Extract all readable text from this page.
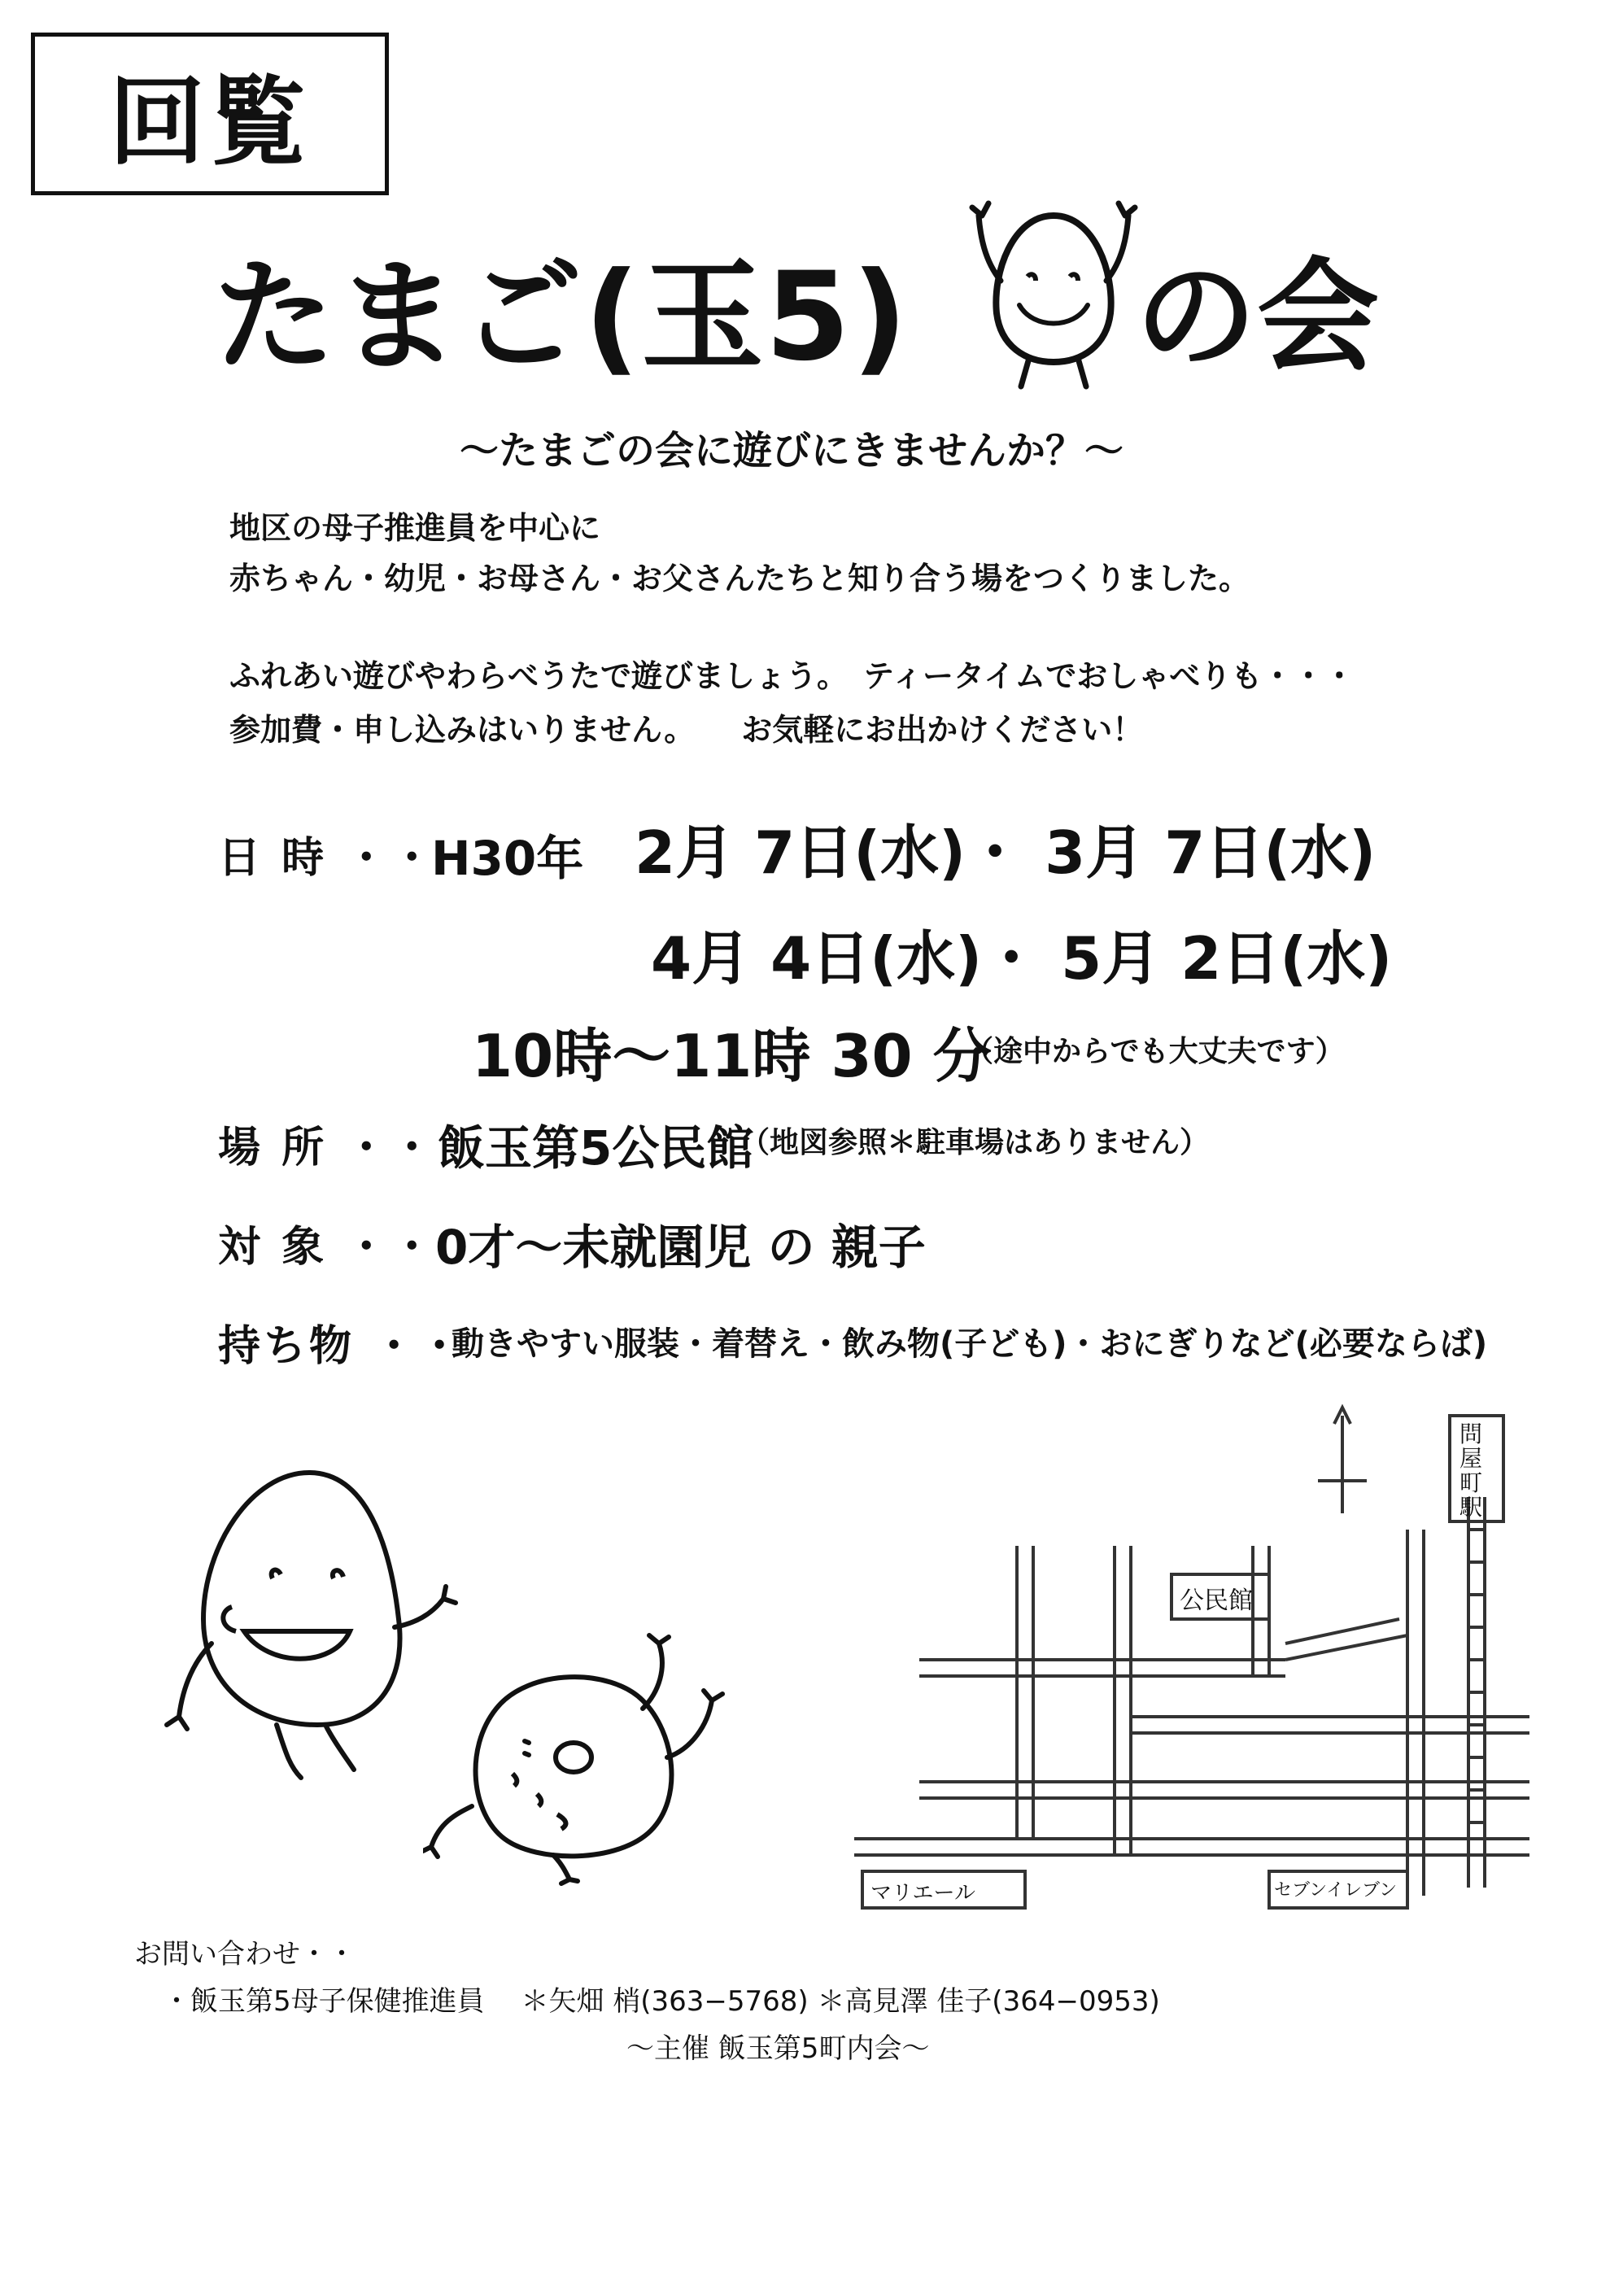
回覧
たまご(玉5) の会
〜たまごの会に遊びにきませんか？〜
地区の母子推進員を中心に
赤ちゃん・幼児・お母さん・お父さんたちと知り合う場をつくりました。
ふれあい遊びやわらべうたで遊びましょう。　ティータイムでおしゃべりも・・・
参加費・申し込みはいりません。　　お気軽にお出かけください！
日 時 ・・
H30年 2月 7日(水)・ 3月 7日(水)
4月 4日(水)・ 5月 2日(水)
10時〜11時 30 分
（途中からでも大丈夫です）
場 所 ・・ 飯玉第5公民館
（地図参照＊駐車場はありません）
対 象 ・・
0才〜未就園児 の 親子
持ち物 ・・
動きやすい服装・着替え・飲み物(子ども)・おにぎりなど(必要ならば)
公民館
問屋町駅
マリエール	セブンイレブン
お問い合わせ・・
・飯玉第5母子保健推進員　 ＊矢畑 梢(363−5768) ＊高見澤 佳子(364−0953)
〜主催 飯玉第5町内会〜
